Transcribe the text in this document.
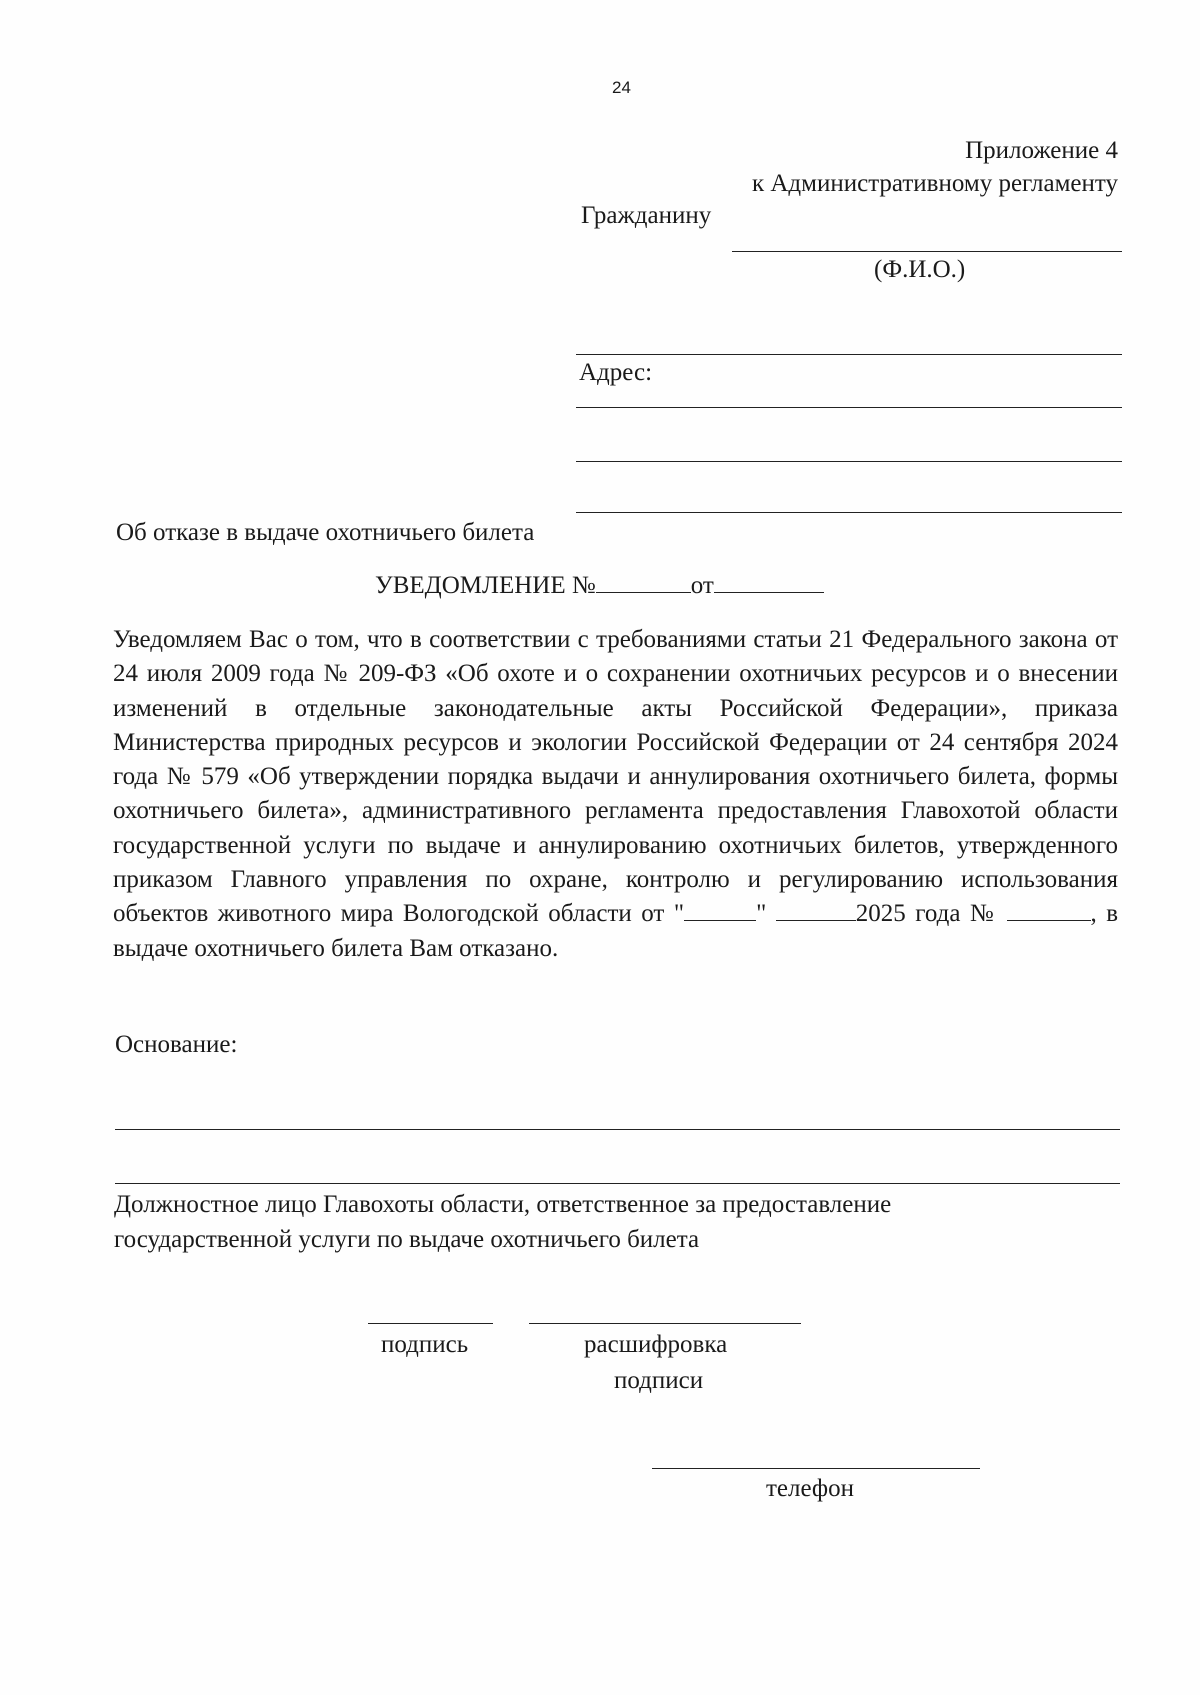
24
Приложение 4
к Административному регламенту
Гражданину
(Ф.И.О.)
Адрес:
Об отказе в выдаче охотничьего билета
УВЕДОМЛЕНИЕ №	от
Уведомляем Вас о том, что в соответствии с требованиями статьи 21 Федерального закона от 24 июля 2009 года № 209-ФЗ «Об охоте и о сохранении охотничьих ресурсов и о внесении изменений в отдельные законодательные акты Российской Федерации», приказа Министерства природных ресурсов и экологии Российской Федерации от 24 сентября 2024 года № 579 «Об утверждении порядка выдачи и аннулирования охотничьего билета, формы охотничьего билета», административного регламента предоставления Главохотой области государственной услуги по выдаче и аннулированию охотничьих билетов, утвержденного приказом Главного управления по охране, контролю и регулированию использования объектов животного мира Вологодской области от "	"	2025 года №	, в выдаче охотничьего билета Вам отказано.
Основание:
Должностное лицо Главохоты области, ответственное за предоставление
государственной услуги по выдаче охотничьего билета
подпись	расшифровка
подписи
телефон
